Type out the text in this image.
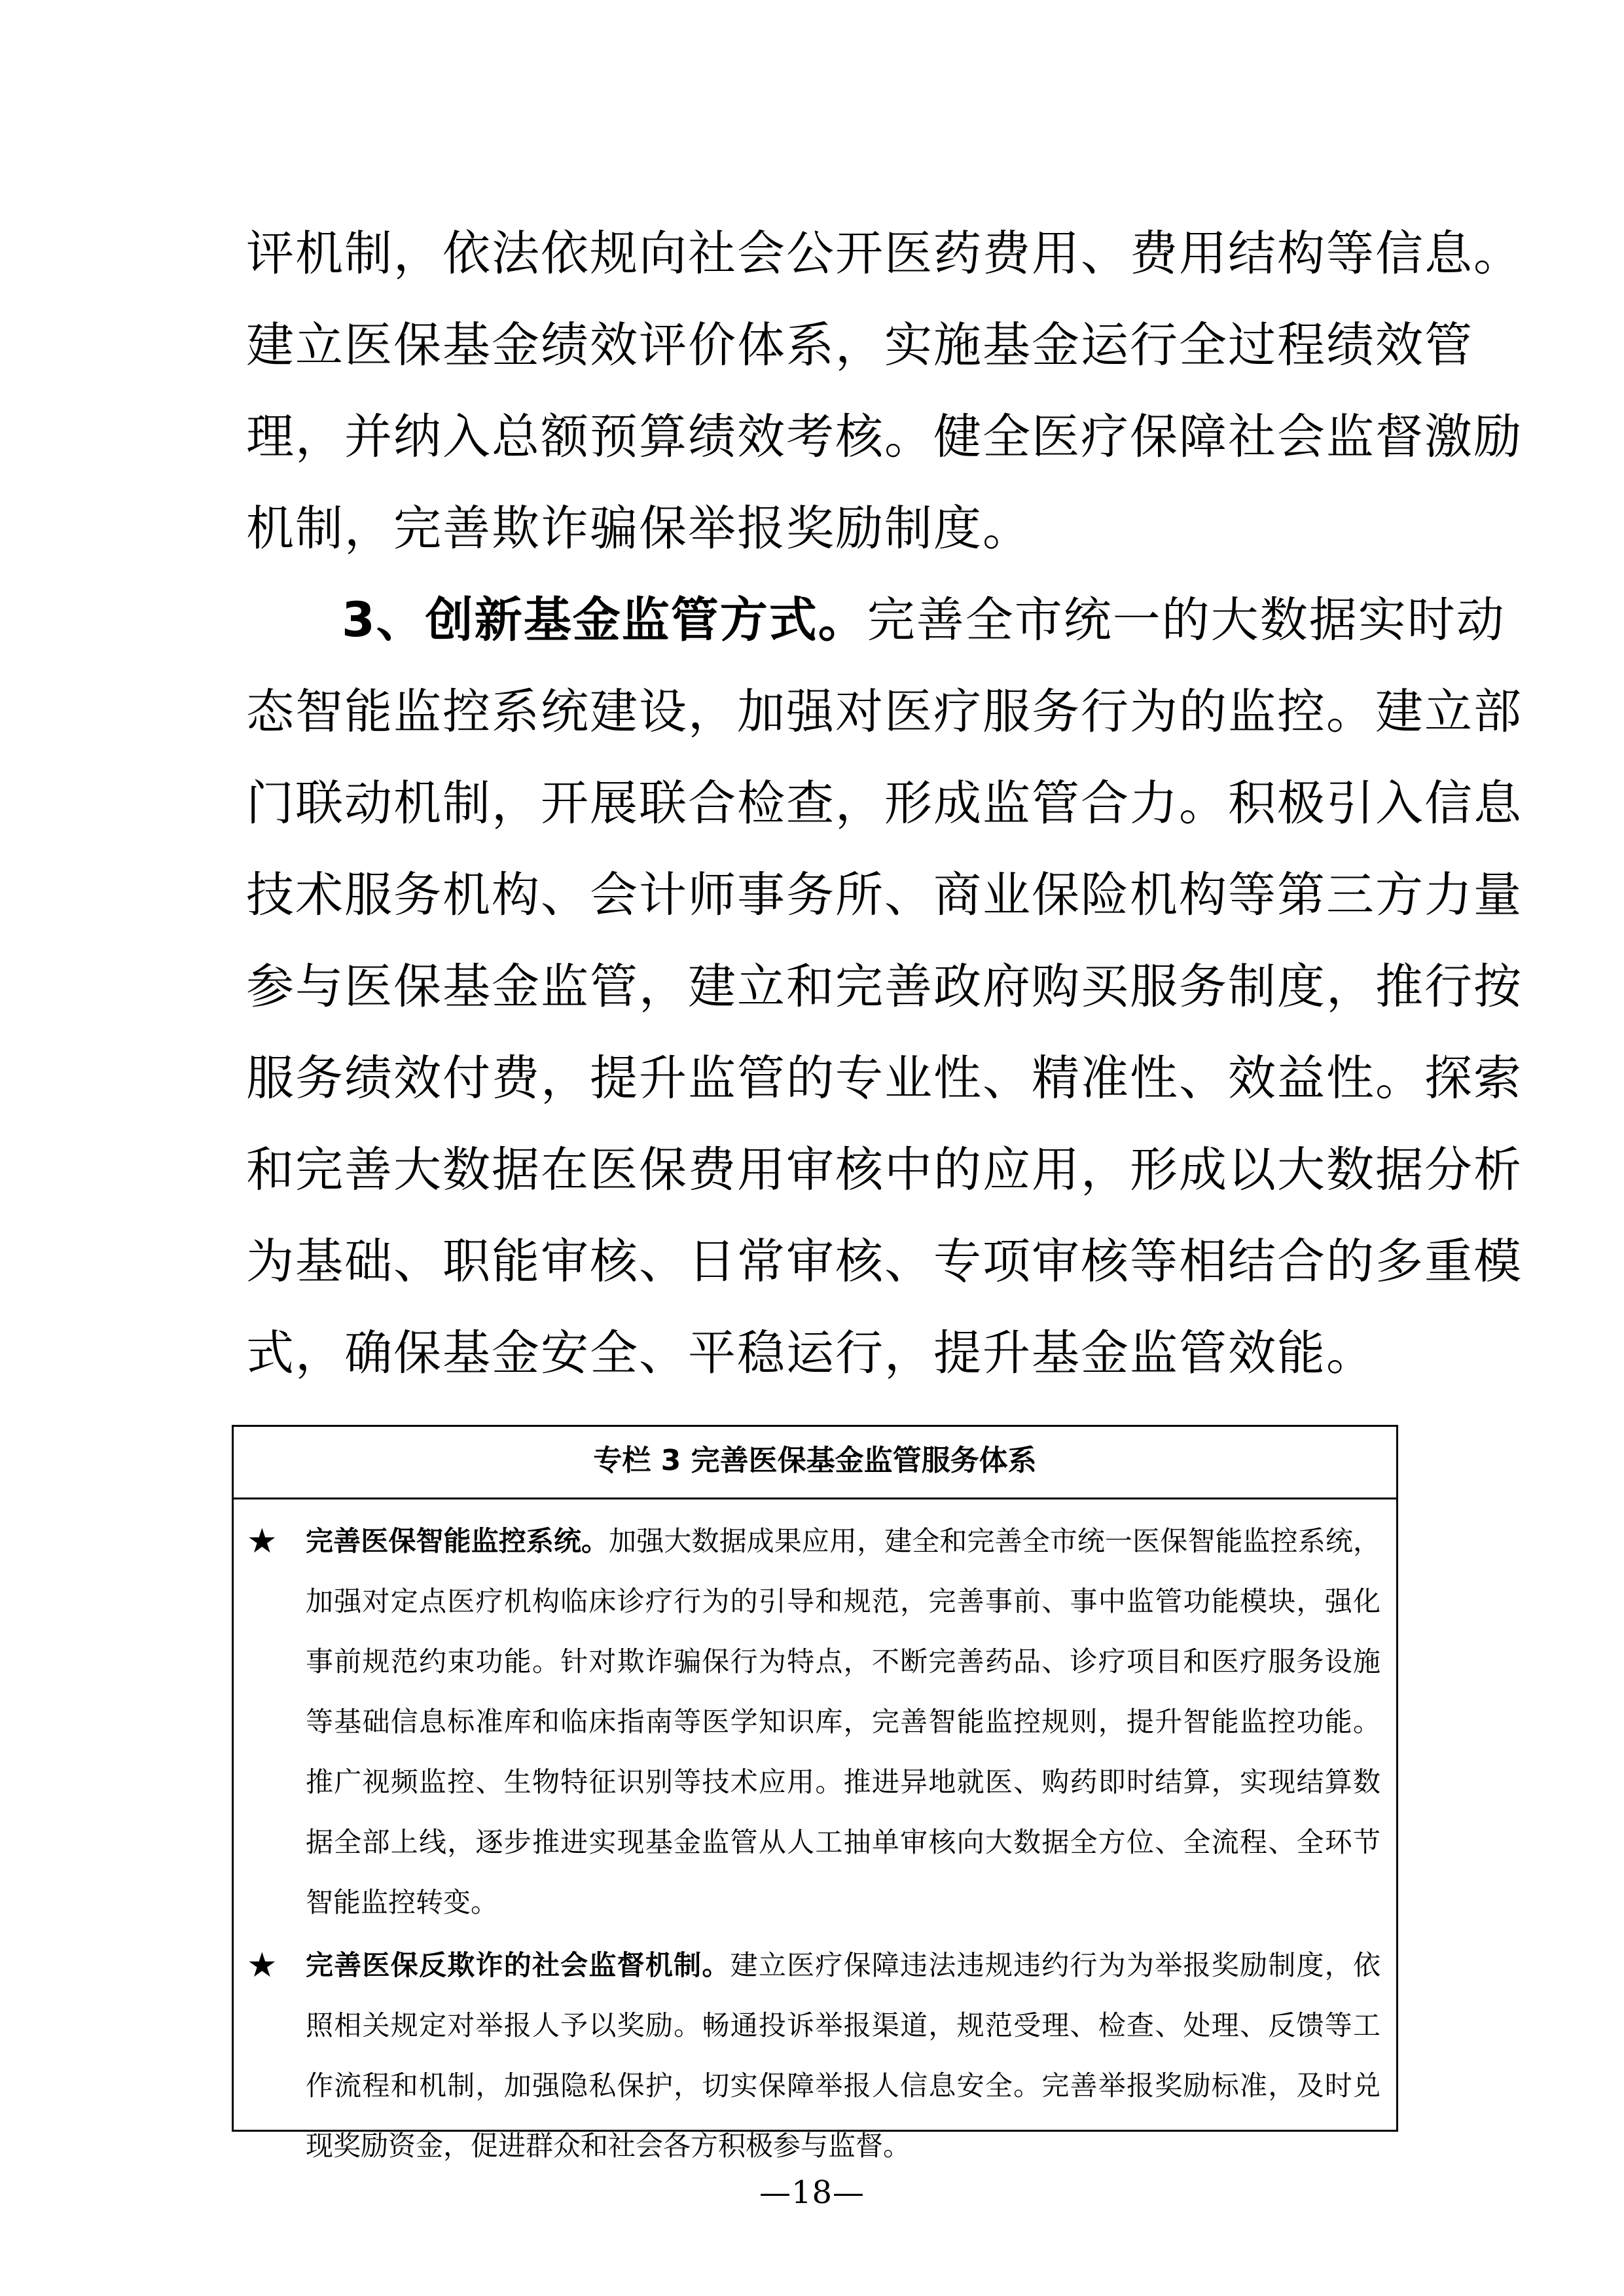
评机制，依法依规向社会公开医药费用、费用结构等信息。
建立医保基金绩效评价体系，实施基金运行全过程绩效管
理，并纳入总额预算绩效考核。健全医疗保障社会监督激励
机制，完善欺诈骗保举报奖励制度。
3、创新基金监管方式。完善全市统一的大数据实时动
态智能监控系统建设，加强对医疗服务行为的监控。建立部
门联动机制，开展联合检查，形成监管合力。积极引入信息
技术服务机构、会计师事务所、商业保险机构等第三方力量
参与医保基金监管，建立和完善政府购买服务制度，推行按
服务绩效付费，提升监管的专业性、精准性、效益性。探索
和完善大数据在医保费用审核中的应用，形成以大数据分析
为基础、职能审核、日常审核、专项审核等相结合的多重模
式，确保基金安全、平稳运行，提升基金监管效能。
专栏 3 完善医保基金监管服务体系
★ 完善医保智能监控系统。加强大数据成果应用，建全和完善全市统一医保智能监控系统，
加强对定点医疗机构临床诊疗行为的引导和规范，完善事前、事中监管功能模块，强化
事前规范约束功能。针对欺诈骗保行为特点，不断完善药品、诊疗项目和医疗服务设施
等基础信息标准库和临床指南等医学知识库，完善智能监控规则，提升智能监控功能。
推广视频监控、生物特征识别等技术应用。推进异地就医、购药即时结算，实现结算数
据全部上线，逐步推进实现基金监管从人工抽单审核向大数据全方位、全流程、全环节
智能监控转变。
★ 完善医保反欺诈的社会监督机制。建立医疗保障违法违规违约行为为举报奖励制度，依
照相关规定对举报人予以奖励。畅通投诉举报渠道，规范受理、检查、处理、反馈等工
作流程和机制，加强隐私保护，切实保障举报人信息安全。完善举报奖励标准，及时兑
现奖励资金，促进群众和社会各方积极参与监督。
—18—
